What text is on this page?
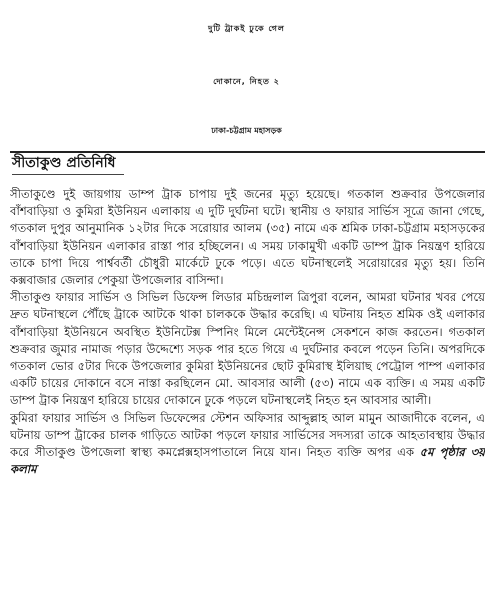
দুটি ট্রাকই ঢুকে গেল
দোকানে, নিহত ২
ঢাকা-চট্টগ্রাম মহাসড়ক
সীতাকুণ্ড প্রতিনিধি

সীতাকুণ্ডে দুই জায়গায় ডাম্প ট্রাক চাপায় দুই জনের মৃত্যু হয়েছে। গতকাল শুক্রবার উপজেলার বাঁশবাড়িয়া ও কুমিরা ইউনিয়ন এলাকায় এ দুটি দুর্ঘটনা ঘটে। স্থানীয় ও ফায়ার সার্ভিস সূত্রে জানা গেছে, গতকাল দুপুর আনুমানিক ১২টার দিকে সরোয়ার আলম (৩৫) নামে এক শ্রমিক ঢাকা-চট্টগ্রাম মহাসড়কের বাঁশবাড়িয়া ইউনিয়ন এলাকার রাস্তা পার হচ্ছিলেন। এ সময় ঢাকামুখী একটি ডাম্প ট্রাক নিয়ন্ত্রণ হারিয়ে তাকে চাপা দিয়ে পার্শ্ববর্তী চৌধুরী মার্কেটে ঢুকে পড়ে। এতে ঘটনাস্থলেই সরোয়ারের মৃত্যু হয়। তিনি কক্সবাজার জেলার পেকুয়া উপজেলার বাসিন্দা।

সীতাকুণ্ড ফায়ার সার্ভিস ও সিভিল ডিফেন্স লিডার মচিন্দ্রলাল ত্রিপুরা বলেন, আমরা ঘটনার খবর পেয়ে দ্রুত ঘটনাস্থলে পৌঁছে ট্রাকে আটকে থাকা চালককে উদ্ধার করেছি। এ ঘটনায় নিহত শ্রমিক ওই এলাকার বাঁশবাড়িয়া ইউনিয়নে অবস্থিত ইউনিটেক্স স্পিনিং মিলে মেন্টেইনেন্স সেকশনে কাজ করতেন। গতকাল শুক্রবার জুমার নামাজ পড়ার উদ্দেশ্যে সড়ক পার হতে গিয়ে এ দুর্ঘটনার কবলে পড়েন তিনি। অপরদিকে গতকাল ভোর ৫টার দিকে উপজেলার কুমিরা ইউনিয়নের ছোট কুমিরাস্থ ইলিয়াছ পেট্রোল পাম্প এলাকার একটি চায়ের দোকানে বসে নাস্তা করছিলেন মো. আবসার আলী (৫৩) নামে এক ব্যক্তি। এ সময় একটি ডাম্প ট্রাক নিয়ন্ত্রণ হারিয়ে চায়ের দোকানে ঢুকে পড়লে ঘটনাস্থলেই নিহত হন আবসার আলী।

কুমিরা ফায়ার সার্ভিস ও সিভিল ডিফেন্সের স্টেশন অফিসার আব্দুল্লাহ আল মামুন আজাদীকে বলেন, এ ঘটনায় ডাম্প ট্রাকের চালক গাড়িতে আটকা পড়লে ফায়ার সার্ভিসের সদস্যরা তাকে আহতাবস্থায় উদ্ধার করে সীতাকুণ্ড উপজেলা স্বাস্থ্য কমপ্লেক্সহাসপাতালে নিয়ে যান। নিহত ব্যক্তি অপর এক ৫ম পৃষ্ঠার ৩য় কলাম
